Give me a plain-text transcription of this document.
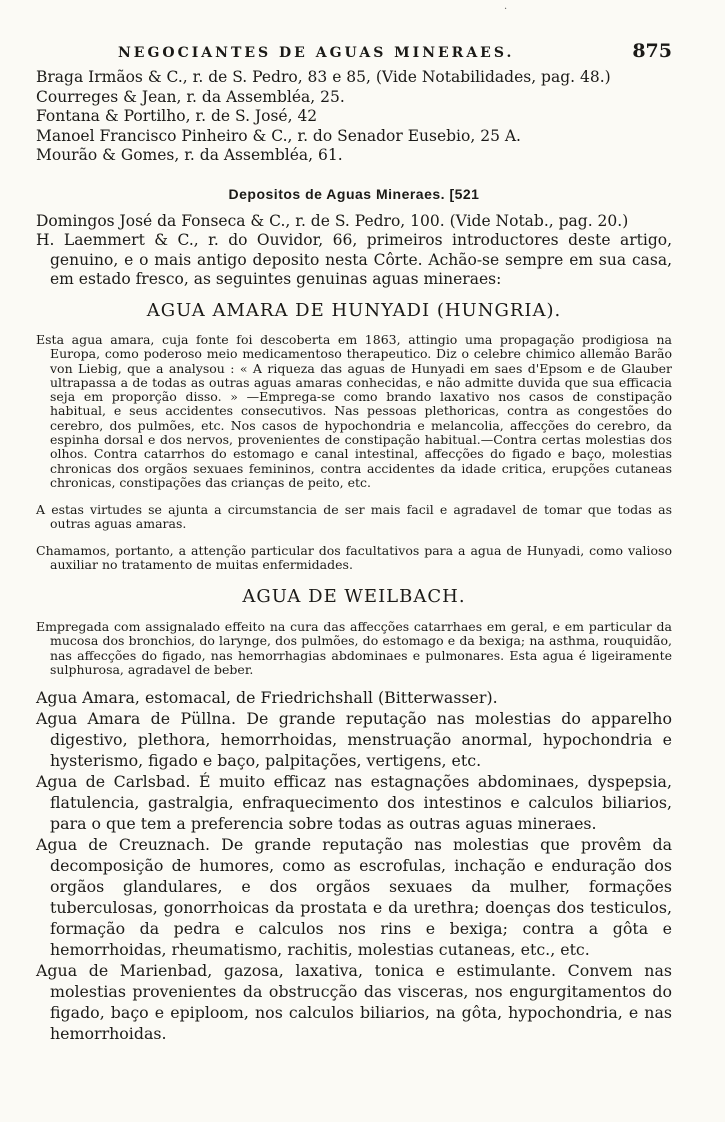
·
NEGOCIANTES DE AGUAS MINERAES.	875
Braga Irmãos & C., r. de S. Pedro, 83 e 85, (Vide Notabilidades, pag. 48.)
Courreges & Jean, r. da Assembléa, 25.
Fontana & Portilho, r. de S. José, 42
Manoel Francisco Pinheiro & C., r. do Senador Eusebio, 25 A.
Mourão & Gomes, r. da Assembléa, 61.
Depositos de Aguas Mineraes. [521

Domingos José da Fonseca & C., r. de S. Pedro, 100. (Vide Notab., pag. 20.)

H. Laemmert & C., r. do Ouvidor, 66, primeiros introductores deste artigo, genuino, e o mais antigo deposito nesta Côrte. Achão-se sempre em sua casa, em estado fresco, as seguintes genuinas aguas mineraes:

AGUA AMARA DE HUNYADI (HUNGRIA).

Esta agua amara, cuja fonte foi descoberta em 1863, attingio uma propagação prodigiosa na Europa, como poderoso meio medicamentoso therapeutico. Diz o celebre chimico allemão Barão von Liebig, que a analysou : « A riqueza das aguas de Hunyadi em saes d'Epsom e de Glauber ultrapassa a de todas as outras aguas amaras conhecidas, e não admitte duvida que sua efficacia seja em proporção disso. » —Emprega-se como brando laxativo nos casos de constipação habitual, e seus accidentes consecutivos. Nas pessoas plethoricas, contra as congestões do cerebro, dos pulmões, etc. Nos casos de hypochondria e melancolia, affecções do cerebro, da espinha dorsal e dos nervos, provenientes de constipação habitual.—Contra certas molestias dos olhos. Contra catarrhos do estomago e canal intestinal, affecções do figado e baço, molestias chronicas dos orgãos sexuaes femininos, contra accidentes da idade critica, erupções cutaneas chronicas, constipações das crianças de peito, etc.

A estas virtudes se ajunta a circumstancia de ser mais facil e agradavel de tomar que todas as outras aguas amaras.

Chamamos, portanto, a attenção particular dos facultativos para a agua de Hunyadi, como valioso auxiliar no tratamento de muitas enfermidades.

AGUA DE WEILBACH.

Empregada com assignalado effeito na cura das affecções catarrhaes em geral, e em particular da mucosa dos bronchios, do larynge, dos pulmões, do estomago e da bexiga; na asthma, rouquidão, nas affecções do figado, nas hemorrhagias abdominaes e pulmonares. Esta agua é ligeiramente sulphurosa, agradavel de beber.

Agua Amara, estomacal, de Friedrichshall (Bitterwasser).

Agua Amara de Püllna. De grande reputação nas molestias do apparelho digestivo, plethora, hemorrhoidas, menstruação anormal, hypochondria e hysterismo, figado e baço, palpitações, vertigens, etc.

Agua de Carlsbad. É muito efficaz nas estagnações abdominaes, dyspepsia, flatulencia, gastralgia, enfraquecimento dos intestinos e calculos biliarios, para o que tem a preferencia sobre todas as outras aguas mineraes.

Agua de Creuznach. De grande reputação nas molestias que provêm da decomposição de humores, como as escrofulas, inchação e enduração dos orgãos glandulares, e dos orgãos sexuaes da mulher, formações tuberculosas, gonorrhoicas da prostata e da urethra; doenças dos testiculos, formação da pedra e calculos nos rins e bexiga; contra a gôta e hemorrhoidas, rheumatismo, rachitis, molestias cutaneas, etc., etc.

Agua de Marienbad, gazosa, laxativa, tonica e estimulante. Convem nas molestias provenientes da obstrucção das visceras, nos engurgitamentos do figado, baço e epiploom, nos calculos biliarios, na gôta, hypochondria, e nas hemorrhoidas.
